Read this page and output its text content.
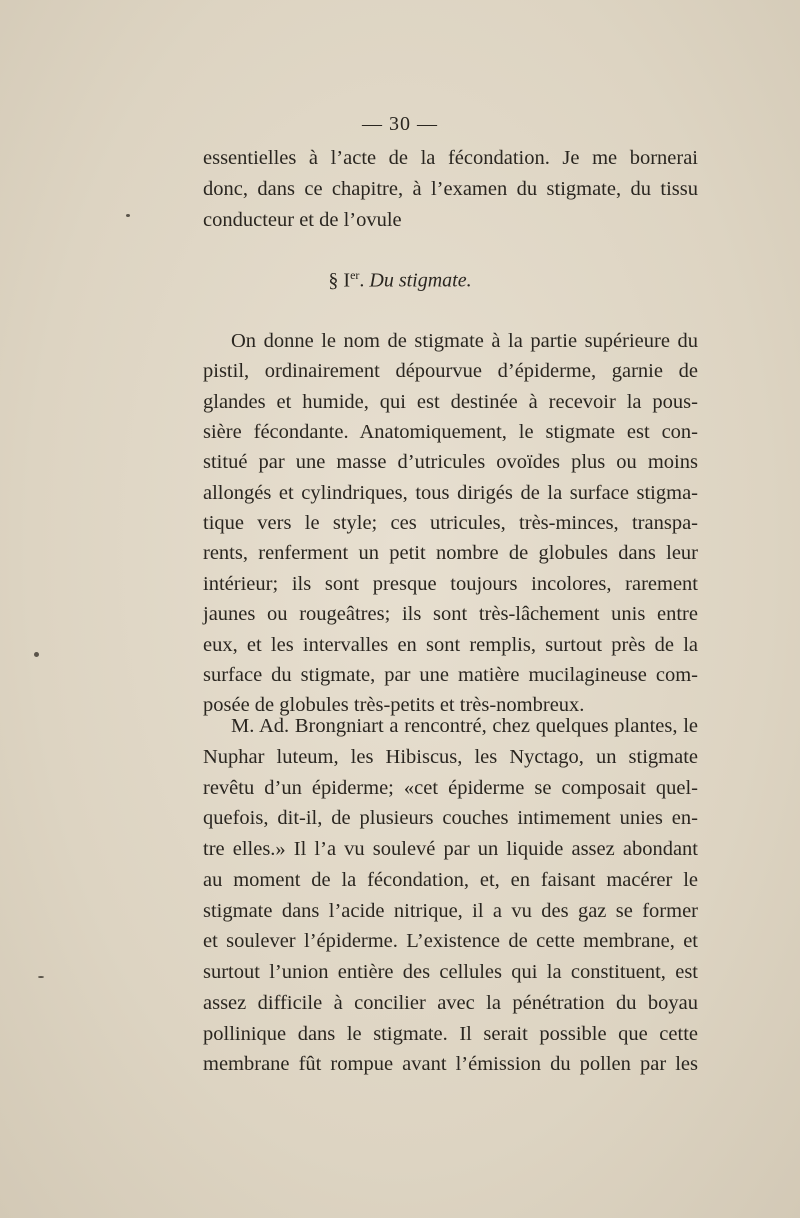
— 30 —
essentielles à l’acte de la fécondation. Je me bornerai
donc, dans ce chapitre, à l’examen du stigmate, du tissu
conducteur et de l’ovule
§ Ier. Du stigmate.
On donne le nom de stigmate à la partie supérieure du
pistil, ordinairement dépourvue d’épiderme, garnie de
glandes et humide, qui est destinée à recevoir la pous-
sière fécondante. Anatomiquement, le stigmate est con-
stitué par une masse d’utricules ovoïdes plus ou moins
allongés et cylindriques, tous dirigés de la surface stigma-
tique vers le style; ces utricules, très-minces, transpa-
rents, renferment un petit nombre de globules dans leur
intérieur; ils sont presque toujours incolores, rarement
jaunes ou rougeâtres; ils sont très-lâchement unis entre
eux, et les intervalles en sont remplis, surtout près de la
surface du stigmate, par une matière mucilagineuse com-
posée de globules très-petits et très-nombreux.
M. Ad. Brongniart a rencontré, chez quelques plantes, le
Nuphar luteum, les Hibiscus, les Nyctago, un stigmate
revêtu d’un épiderme; «cet épiderme se composait quel-
quefois, dit-il, de plusieurs couches intimement unies en-
tre elles.» Il l’a vu soulevé par un liquide assez abondant
au moment de la fécondation, et, en faisant macérer le
stigmate dans l’acide nitrique, il a vu des gaz se former
et soulever l’épiderme. L’existence de cette membrane, et
surtout l’union entière des cellules qui la constituent, est
assez difficile à concilier avec la pénétration du boyau
pollinique dans le stigmate. Il serait possible que cette
membrane fût rompue avant l’émission du pollen par les
